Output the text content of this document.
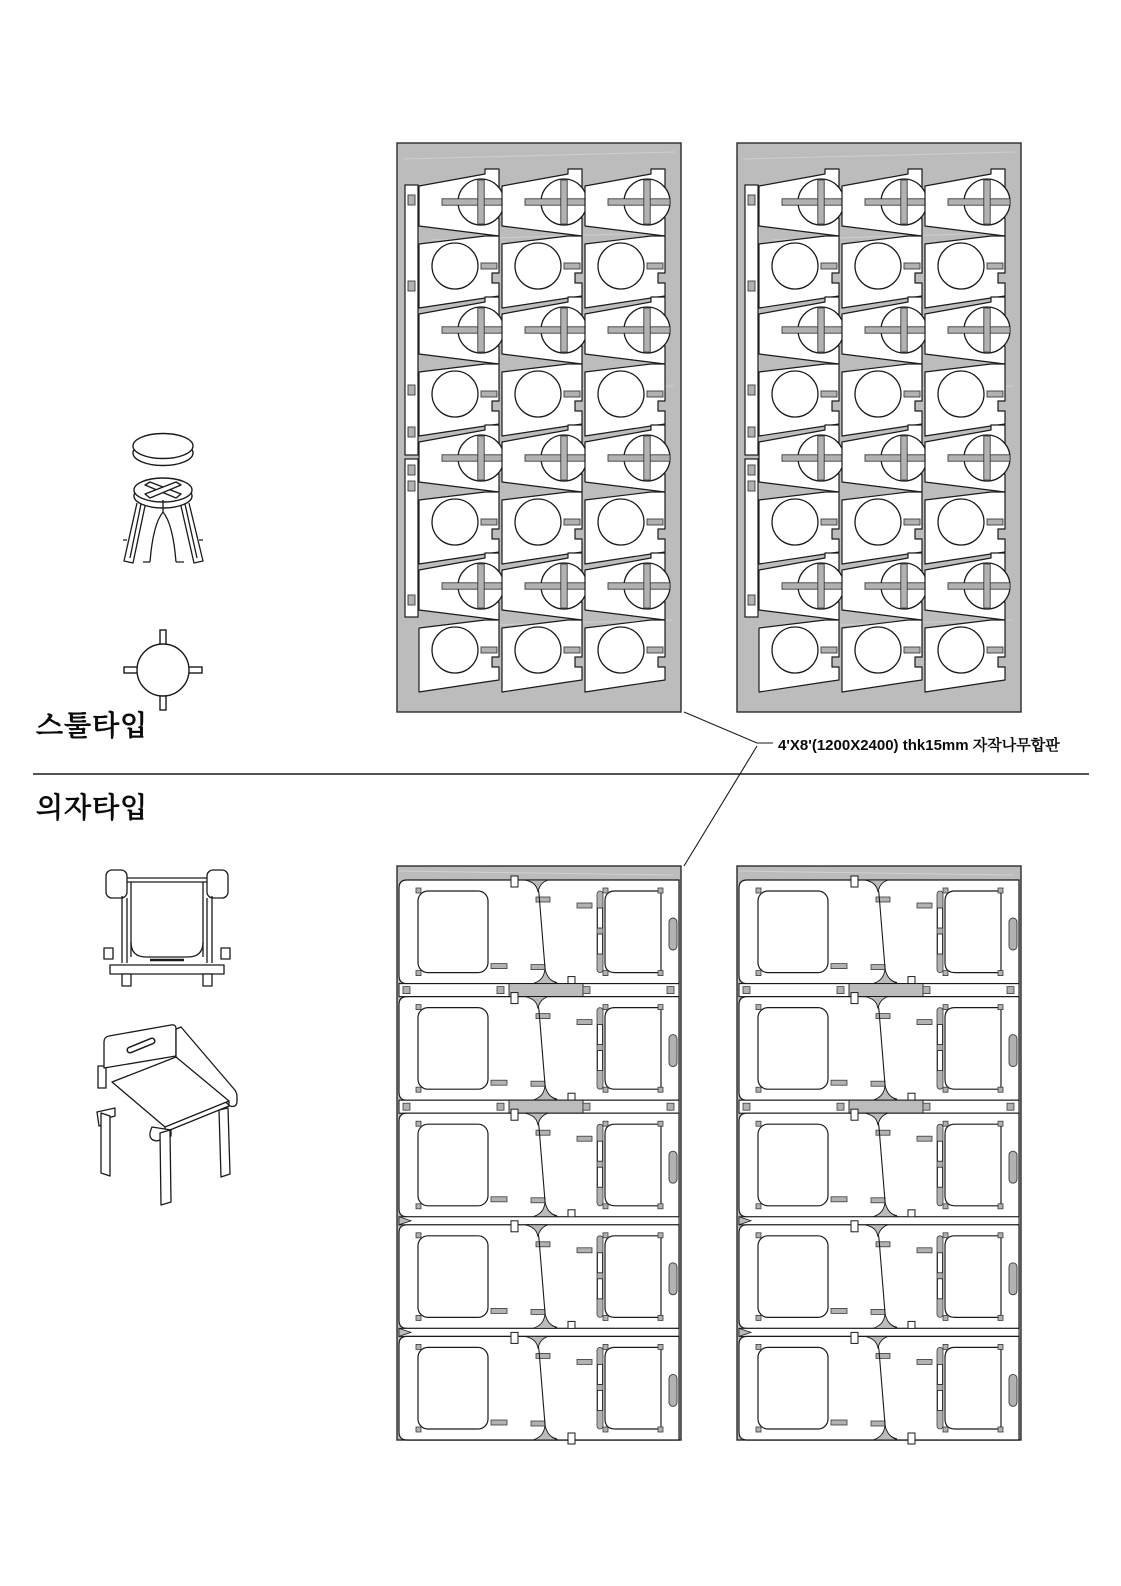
스툴타입
의자타입
4'X8'(1200X2400) thk15mm 자작나무합판
